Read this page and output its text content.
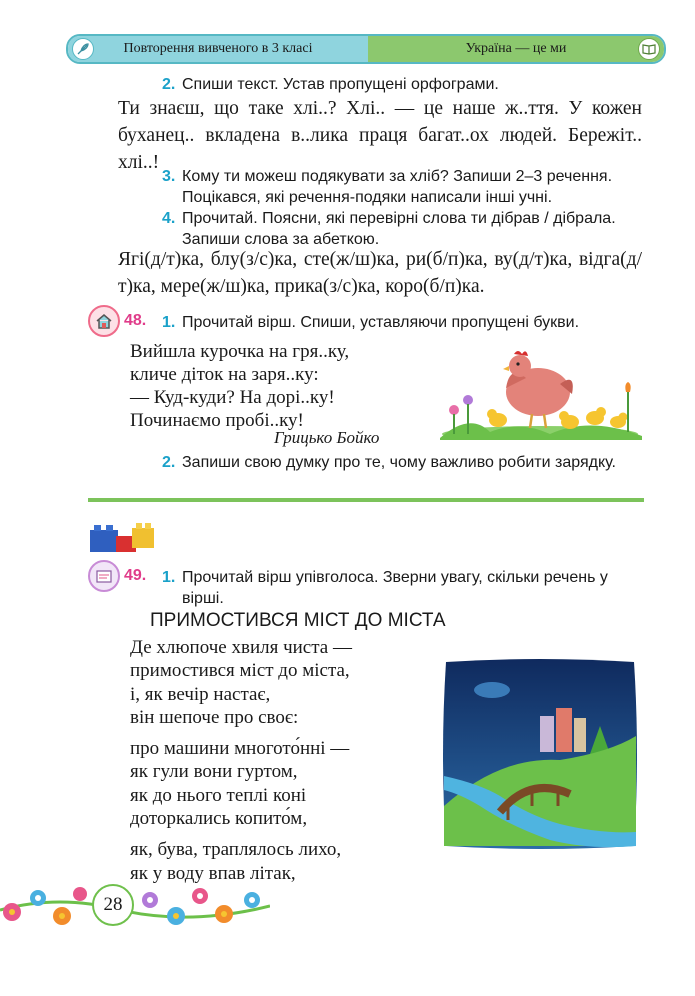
Повторення вивченого в 3 класі	Україна — це ми
2. Спиши текст. Устав пропущені орфограми.
Ти знаєш, що таке хлі..? Хлі.. — це наше ж..ття. У кожен буханец.. вкладена в..лика праця багат..ох людей. Бережіт.. хлі..!
3. Кому ти можеш подякувати за хліб? Запиши 2–3 речення. Поцікався, які речення-подяки написали інші учні.
4. Прочитай. Поясни, які перевірні слова ти дібрав / дібрала. Запиши слова за абеткою.
Ягі(д/т)ка, блу(з/с)ка, сте(ж/ш)ка, ри(б/п)ка, ву(д/т)ка, відга(д/т)ка, мере(ж/ш)ка, прика(з/с)ка, коро(б/п)ка.
48. 1. Прочитай вірш. Спиши, уставляючи пропущені букви.
Вийшла курочка на гря..ку,
кличе діток на заря..ку:
— Куд-куди? На дорі..ку!
Починаємо пробі..ку!
Грицько Бойко
2. Запиши свою думку про те, чому важливо робити зарядку.
49. 1. Прочитай вірш упівголоса. Зверни увагу, скільки речень у вірші.
ПРИМОСТИВСЯ МІСТ ДО МІСТА
Де хлюпоче хвиля чиста —
примостився міст до міста,
і, як вечір настає,
він шепоче про своє:
про машини многото́нні —
як гули вони гуртом,
як до нього теплі коні
доторкались копито́м,
як, бува, траплялось лихо,
як у воду впав літак,
28
